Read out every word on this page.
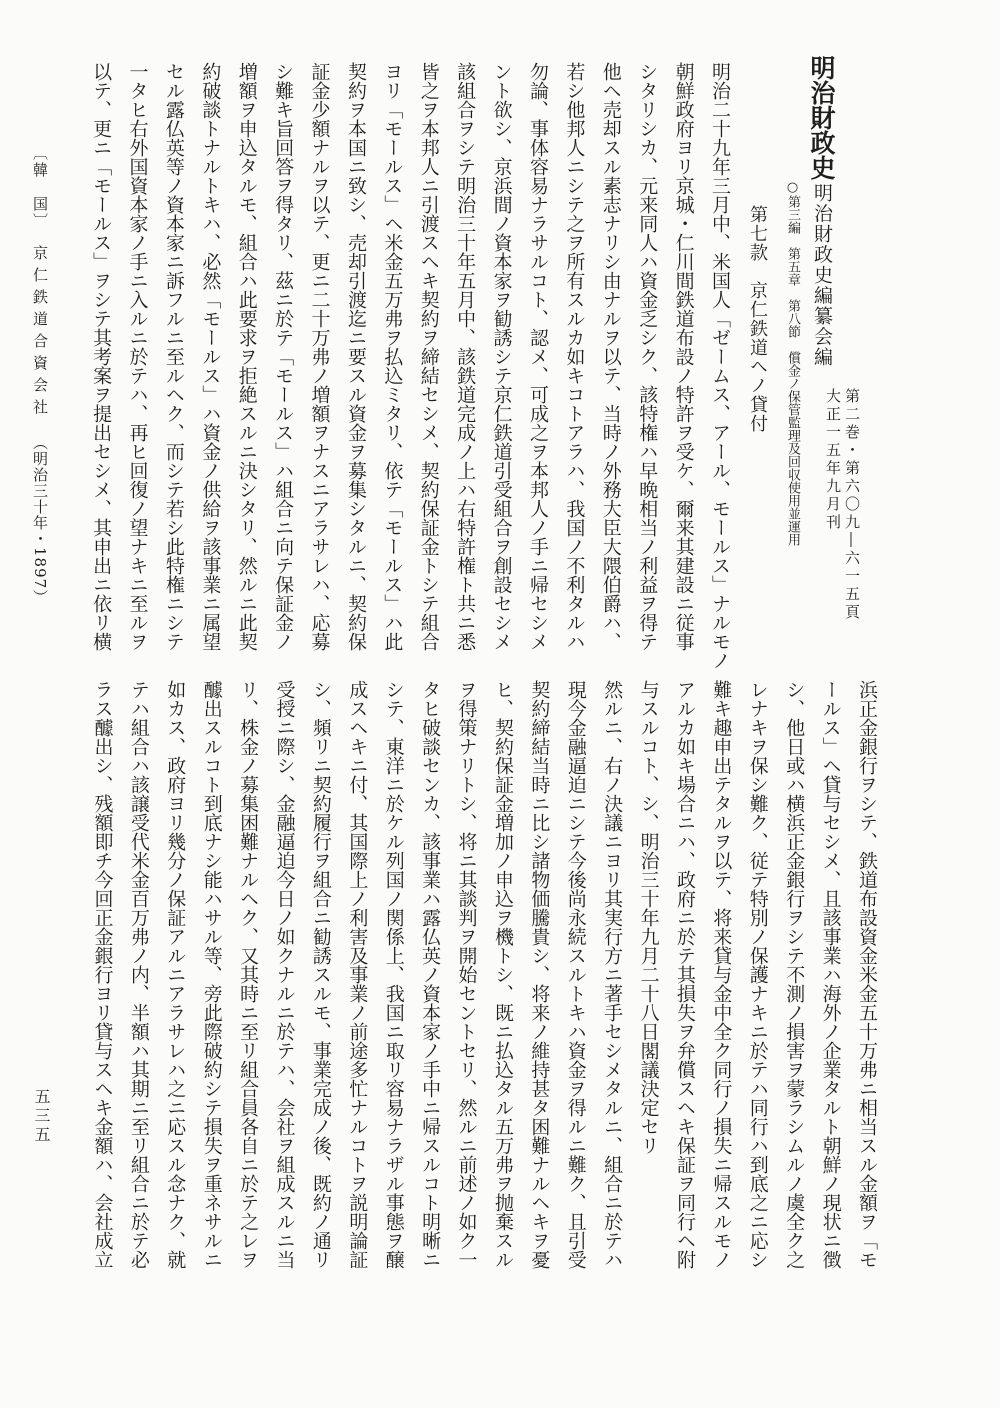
明治財政史
明治財政史編纂会編
第二巻・第六〇九―六一五頁
大正一五年九月刊
○第三編　第五章　第八節　償金ノ保管監理及回収使用並運用
第七款　京仁鉄道ヘノ貸付
明治二十九年三月中、米国人「ゼームス、アール、モールス」ナルモノ
朝鮮政府ヨリ京城・仁川間鉄道布設ノ特許ヲ受ケ、爾来其建設ニ従事
シタリシカ、元来同人ハ資金乏シク、該特権ハ早晩相当ノ利益ヲ得テ
他ヘ売却スル素志ナリシ由ナルヲ以テ、当時ノ外務大臣大隈伯爵ハ、
若シ他邦人ニシテ之ヲ所有スルカ如キコトアラハ、我国ノ不利タルハ
勿論、事体容易ナラサルコト、認メ、可成之ヲ本邦人ノ手ニ帰セシメ
ント欲シ、京浜間ノ資本家ヲ勧誘シテ京仁鉄道引受組合ヲ創設セシメ
該組合ヲシテ明治三十年五月中、該鉄道完成ノ上ハ右特許権ト共ニ悉
皆之ヲ本邦人ニ引渡スヘキ契約ヲ締結セシメ、契約保証金トシテ組合
ヨリ「モールス」ヘ米金五万弗ヲ払込ミタリ、依テ「モールス」ハ此
契約ヲ本国ニ致シ、売却引渡迄ニ要スル資金ヲ募集シタルニ、契約保
証金少額ナルヲ以テ、更ニ二十万弗ノ増額ヲナスニアラサレハ、応募
シ難キ旨回答ヲ得タリ、茲ニ於テ「モールス」ハ組合ニ向テ保証金ノ
増額ヲ申込タルモ、組合ハ此要求ヲ拒絶スルニ決シタリ、然ルニ此契
約破談トナルトキハ、必然「モールス」ハ資金ノ供給ヲ該事業ニ属望
セル露仏英等ノ資本家ニ訴フルニ至ルヘク、而シテ若シ此特権ニシテ
一タヒ右外国資本家ノ手ニ入ルニ於テハ、再ヒ回復ノ望ナキニ至ルヲ
以テ、更ニ「モールス」ヲシテ其考案ヲ提出セシメ、其申出ニ依リ横
浜正金銀行ヲシテ、鉄道布設資金米金五十万弗ニ相当スル金額ヲ「モ
ールス」ヘ貸与セシメ、且該事業ハ海外ノ企業タルト朝鮮ノ現状ニ徴
シ、他日或ハ横浜正金銀行ヲシテ不測ノ損害ヲ蒙ラシムルノ虞全ク之
レナキヲ保シ難ク、従テ特別ノ保護ナキニ於テハ同行ハ到底之ニ応シ
難キ趣申出テタルヲ以テ、将来貸与金中全ク同行ノ損失ニ帰スルモノ
アルカ如キ場合ニハ、政府ニ於テ其損失ヲ弁償スヘキ保証ヲ同行ヘ附
与スルコト、シ、明治三十年九月二十八日閣議決定セリ
然ルニ、右ノ決議ニヨリ其実行方ニ著手セシメタルニ、組合ニ於テハ
現今金融逼迫ニシテ今後尚永続スルトキハ資金ヲ得ルニ難ク、且引受
契約締結当時ニ比シ諸物価騰貴シ、将来ノ維持甚タ困難ナルヘキヲ憂
ヒ、契約保証金増加ノ申込ヲ機トシ、既ニ払込タル五万弗ヲ抛棄スル
ヲ得策ナリトシ、将ニ其談判ヲ開始セントセリ、然ルニ前述ノ如ク一
タヒ破談センカ、該事業ハ露仏英ノ資本家ノ手中ニ帰スルコト明晰ニ
シテ、東洋ニ於ケル列国ノ関係上、我国ニ取リ容易ナラザル事態ヲ醸
成スヘキニ付、其国際上ノ利害及事業ノ前途多忙ナルコトヲ説明論証
シ、頻リニ契約履行ヲ組合ニ勧誘スルモ、事業完成ノ後、既約ノ通リ
受授ニ際シ、金融逼迫今日ノ如クナルニ於テハ、会社ヲ組成スルニ当
リ、株金ノ募集困難ナルヘク、又其時ニ至リ組合員各自ニ於テ之レヲ
醵出スルコト到底ナシ能ハサル等、旁此際破約シテ損失ヲ重ネサルニ
如カス、政府ヨリ幾分ノ保証アルニアラサレハ之ニ応スル念ナク、就
テハ組合ハ該譲受代米金百万弗ノ内、半額ハ其期ニ至リ組合ニ於テ必
ラス醵出シ、残額即チ今回正金銀行ヨリ貸与スヘキ金額ハ、会社成立
〔韓　国〕
京仁鉄道合資会社
（明治三十年・1897）
五三五
